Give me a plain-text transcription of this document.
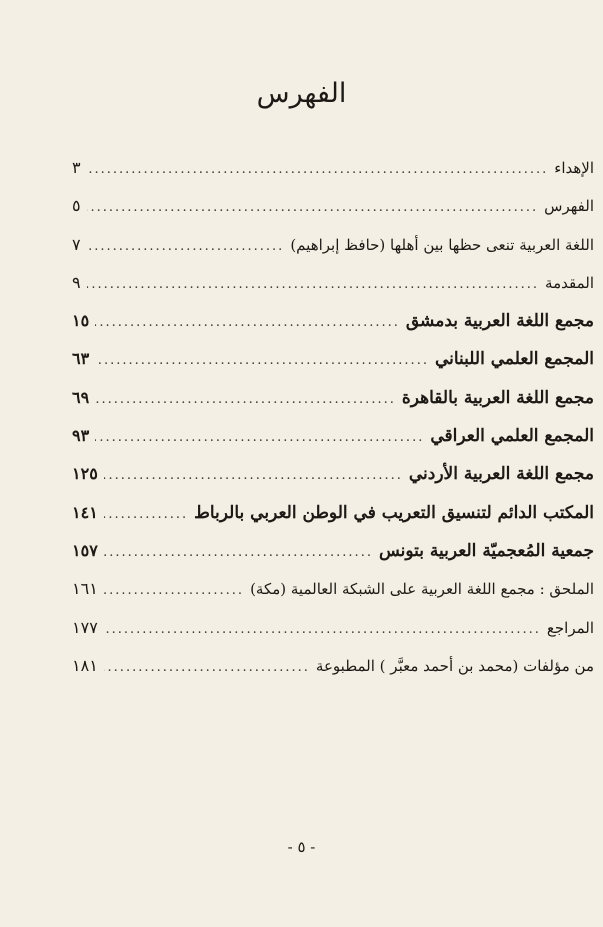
الفهرس
الإهداء
.....
٣
الفهرس
.....
٥
اللغة العربية تنعى حظها بين أهلها (حافظ إبراهيم)
.....
٧
المقدمة
.....
٩
مجمع اللغة العربية بدمشق
.....
١٥
المجمع العلمي اللبناني
.....
٦٣
مجمع اللغة العربية بالقاهرة
.....
٦٩
المجمع العلمي العراقي
.....
٩٣
مجمع اللغة العربية الأردني
.....
١٢٥
المكتب الدائم لتنسيق التعريب في الوطن العربي بالرباط
.....
١٤١
جمعية المُعجميّة العربية بتونس
.....
١٥٧
الملحق : مجمع اللغة العربية على الشبكة العالمية (مكة)
.....
١٦١
المراجع
.....
١٧٧
من مؤلفات (محمد بن أحمد معبَّر ) المطبوعة
.....
١٨١
- ٥ -
